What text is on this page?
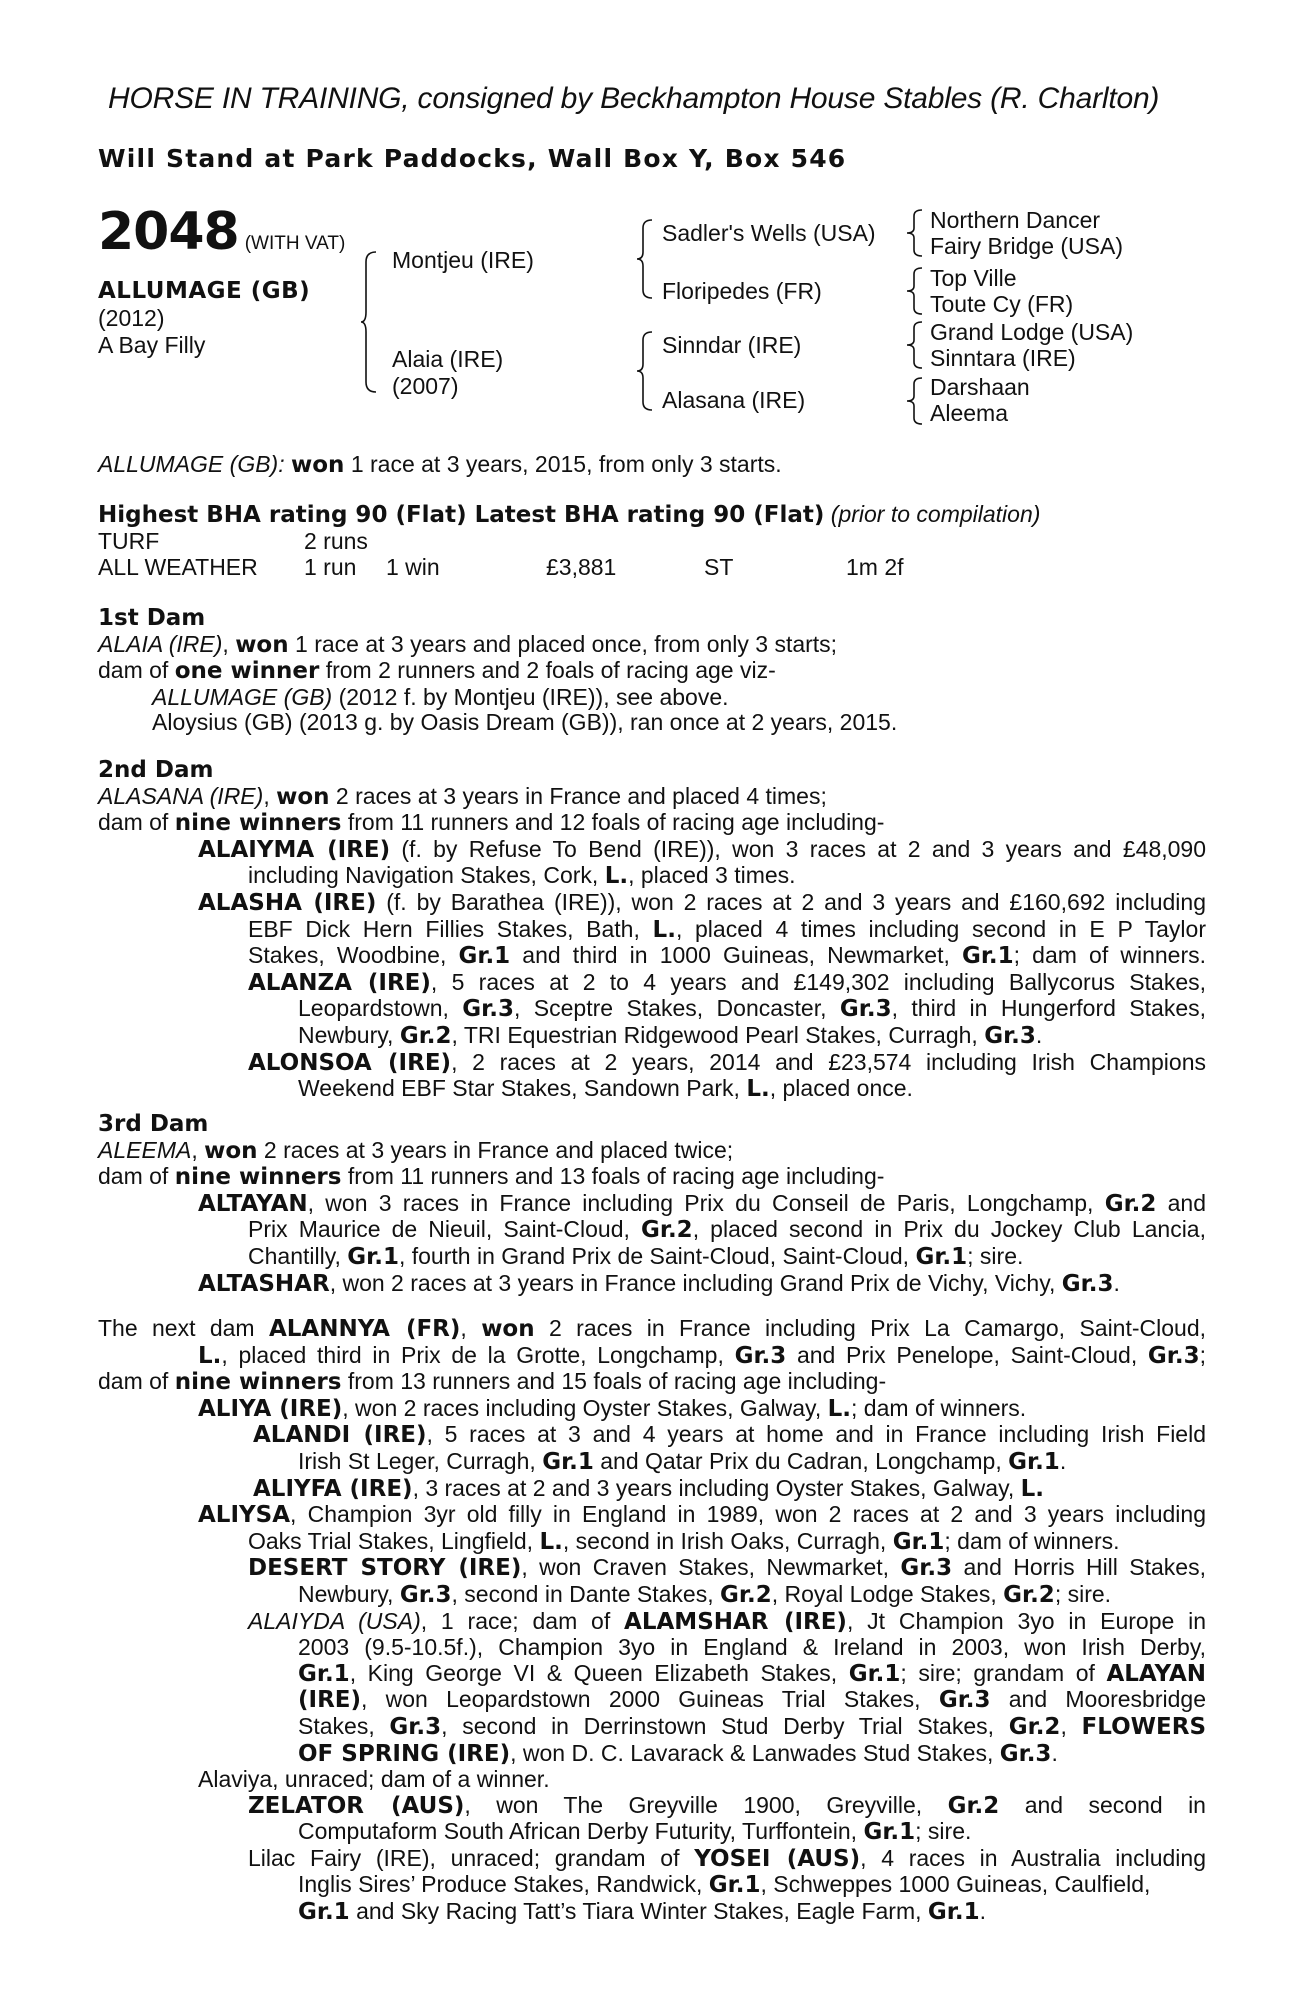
HORSE IN TRAINING, consigned by Beckhampton House Stables (R. Charlton)
Will Stand at Park Paddocks, Wall Box Y, Box 546
2048 (WITH VAT)
ALLUMAGE (GB)
(2012)
A Bay Filly
Montjeu (IRE)
Alaia (IRE)
(2007)
Sadler's Wells (USA)
Floripedes (FR)
Sinndar (IRE)
Alasana (IRE)
Northern Dancer
Fairy Bridge (USA)
Top Ville
Toute Cy (FR)
Grand Lodge (USA)
Sinntara (IRE)
Darshaan
Aleema
ALLUMAGE (GB): won 1 race at 3 years, 2015, from only 3 starts.
Highest BHA rating 90 (Flat) Latest BHA rating 90 (Flat) (prior to compilation)
TURF	2 runs
ALL WEATHER 1 run 1 win	£3,881	ST	1m 2f
1st Dam
ALAIA (IRE), won 1 race at 3 years and placed once, from only 3 starts;
dam of one winner from 2 runners and 2 foals of racing age viz-
ALLUMAGE (GB) (2012 f. by Montjeu (IRE)), see above.
Aloysius (GB) (2013 g. by Oasis Dream (GB)), ran once at 2 years, 2015.
2nd Dam
ALASANA (IRE), won 2 races at 3 years in France and placed 4 times;
dam of nine winners from 11 runners and 12 foals of racing age including-
ALAIYMA (IRE) (f. by Refuse To Bend (IRE)), won 3 races at 2 and 3 years and £48,090
including Navigation Stakes, Cork, L., placed 3 times.
ALASHA (IRE) (f. by Barathea (IRE)), won 2 races at 2 and 3 years and £160,692 including
EBF Dick Hern Fillies Stakes, Bath, L., placed 4 times including second in E P Taylor
Stakes, Woodbine, Gr.1 and third in 1000 Guineas, Newmarket, Gr.1; dam of winners.
ALANZA (IRE), 5 races at 2 to 4 years and £149,302 including Ballycorus Stakes,
Leopardstown, Gr.3, Sceptre Stakes, Doncaster, Gr.3, third in Hungerford Stakes,
Newbury, Gr.2, TRI Equestrian Ridgewood Pearl Stakes, Curragh, Gr.3.
ALONSOA (IRE), 2 races at 2 years, 2014 and £23,574 including Irish Champions
Weekend EBF Star Stakes, Sandown Park, L., placed once.
3rd Dam
ALEEMA, won 2 races at 3 years in France and placed twice;
dam of nine winners from 11 runners and 13 foals of racing age including-
ALTAYAN, won 3 races in France including Prix du Conseil de Paris, Longchamp, Gr.2 and
Prix Maurice de Nieuil, Saint-Cloud, Gr.2, placed second in Prix du Jockey Club Lancia,
Chantilly, Gr.1, fourth in Grand Prix de Saint-Cloud, Saint-Cloud, Gr.1; sire.
ALTASHAR, won 2 races at 3 years in France including Grand Prix de Vichy, Vichy, Gr.3.
The next dam ALANNYA (FR), won 2 races in France including Prix La Camargo, Saint-Cloud,
L., placed third in Prix de la Grotte, Longchamp, Gr.3 and Prix Penelope, Saint-Cloud, Gr.3;
dam of nine winners from 13 runners and 15 foals of racing age including-
ALIYA (IRE), won 2 races including Oyster Stakes, Galway, L.; dam of winners.
ALANDI (IRE), 5 races at 3 and 4 years at home and in France including Irish Field
Irish St Leger, Curragh, Gr.1 and Qatar Prix du Cadran, Longchamp, Gr.1.
ALIYFA (IRE), 3 races at 2 and 3 years including Oyster Stakes, Galway, L.
ALIYSA, Champion 3yr old filly in England in 1989, won 2 races at 2 and 3 years including
Oaks Trial Stakes, Lingfield, L., second in Irish Oaks, Curragh, Gr.1; dam of winners.
DESERT STORY (IRE), won Craven Stakes, Newmarket, Gr.3 and Horris Hill Stakes,
Newbury, Gr.3, second in Dante Stakes, Gr.2, Royal Lodge Stakes, Gr.2; sire.
ALAIYDA (USA), 1 race; dam of ALAMSHAR (IRE), Jt Champion 3yo in Europe in
2003 (9.5-10.5f.), Champion 3yo in England & Ireland in 2003, won Irish Derby,
Gr.1, King George VI & Queen Elizabeth Stakes, Gr.1; sire; grandam of ALAYAN
(IRE), won Leopardstown 2000 Guineas Trial Stakes, Gr.3 and Mooresbridge
Stakes, Gr.3, second in Derrinstown Stud Derby Trial Stakes, Gr.2, FLOWERS
OF SPRING (IRE), won D. C. Lavarack & Lanwades Stud Stakes, Gr.3.
Alaviya, unraced; dam of a winner.
ZELATOR (AUS), won The Greyville 1900, Greyville, Gr.2 and second in
Computaform South African Derby Futurity, Turffontein, Gr.1; sire.
Lilac Fairy (IRE), unraced; grandam of YOSEI (AUS), 4 races in Australia including
Inglis Sires’ Produce Stakes, Randwick, Gr.1, Schweppes 1000 Guineas, Caulfield,
Gr.1 and Sky Racing Tatt’s Tiara Winter Stakes, Eagle Farm, Gr.1.
